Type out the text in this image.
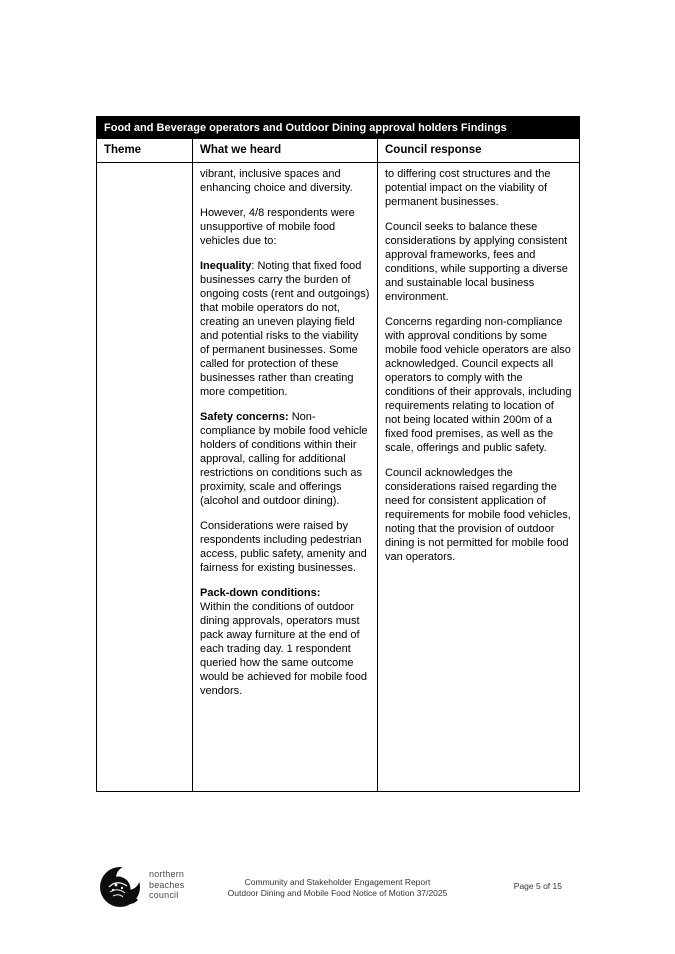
Food and Beverage operators and Outdoor Dining approval holders Findings
Theme	What we heard	Council response

vibrant, inclusive spaces and enhancing choice and diversity.

However, 4/8 respondents were unsupportive of mobile food vehicles due to:

Inequality: Noting that fixed food businesses carry the burden of ongoing costs (rent and outgoings) that mobile operators do not, creating an uneven playing field and potential risks to the viability of permanent businesses. Some called for protection of these businesses rather than creating more competition.

Safety concerns: Non-compliance by mobile food vehicle holders of conditions within their approval, calling for additional restrictions on conditions such as proximity, scale and offerings (alcohol and outdoor dining).

Considerations were raised by respondents including pedestrian access, public safety, amenity and fairness for existing businesses.

Pack-down conditions:
Within the conditions of outdoor dining approvals, operators must pack away furniture at the end of each trading day. 1 respondent queried how the same outcome would be achieved for mobile food vendors.

to differing cost structures and the potential impact on the viability of permanent businesses.

Council seeks to balance these considerations by applying consistent approval frameworks, fees and conditions, while supporting a diverse and sustainable local business environment.

Concerns regarding non-compliance with approval conditions by some mobile food vehicle operators are also acknowledged. Council expects all operators to comply with the conditions of their approvals, including requirements relating to location of not being located within 200m of a fixed food premises, as well as the scale, offerings and public safety.

Council acknowledges the considerations raised regarding the need for consistent application of requirements for mobile food vehicles, noting that the provision of outdoor dining is not permitted for mobile food van operators.

northern
beaches
council
Community and Stakeholder Engagement Report
Outdoor Dining and Mobile Food Notice of Motion 37/2025
Page 5 of 15
